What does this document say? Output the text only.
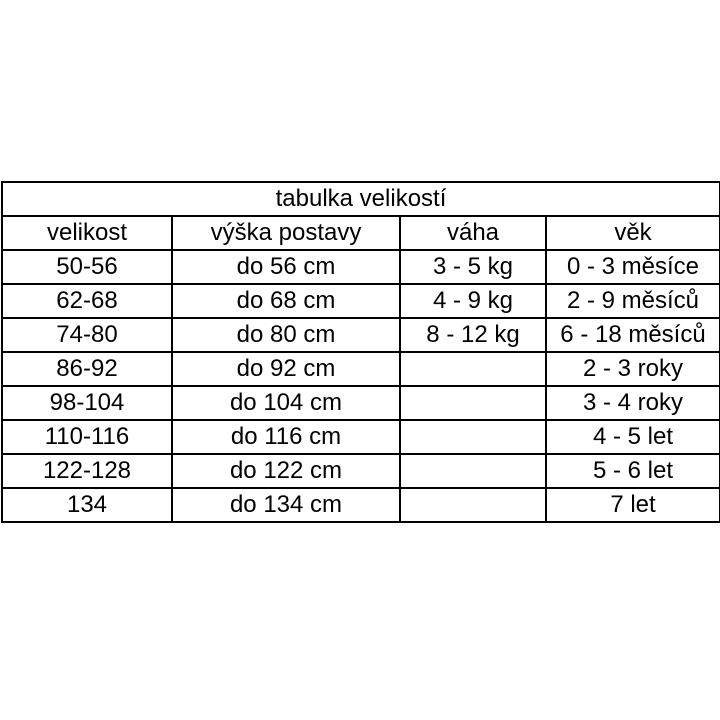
tabulka velikostí			
velikost	výška postavy	váha	věk
50-56	do 56 cm	3 - 5 kg	0 - 3 měsíce
62-68	do 68 cm	4 - 9 kg	2 - 9 měsíců
74-80	do 80 cm	8 - 12 kg	6 - 18 měsíců
86-92	do 92 cm		2 - 3 roky
98-104	do 104 cm		3 - 4 roky
110-116	do 116 cm		4 - 5 let
122-128	do 122 cm		5 - 6 let
134	do 134 cm		7 let
